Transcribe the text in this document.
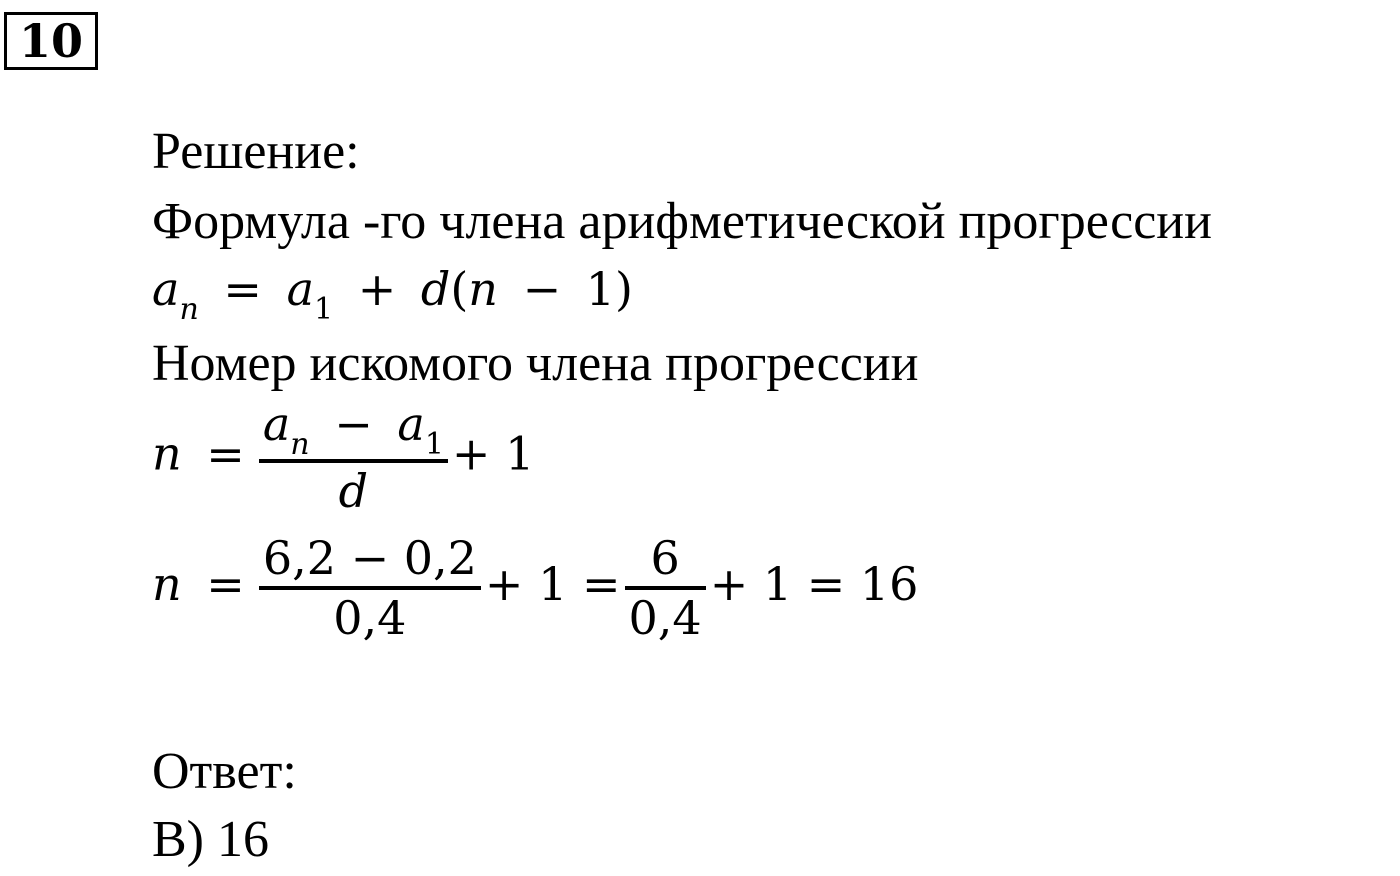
10
Решение:
Формула -го члена арифметической прогрессии
$a_n = a_1 + d(n - 1)$
Номер искомого члена прогрессии
$n = \frac{a_n - a_1}{d} + 1$
$n = \frac{6,2 - 0,2}{0,4} + 1 = \frac{6}{0,4} + 1 = 16$
Ответ:
В) 16
